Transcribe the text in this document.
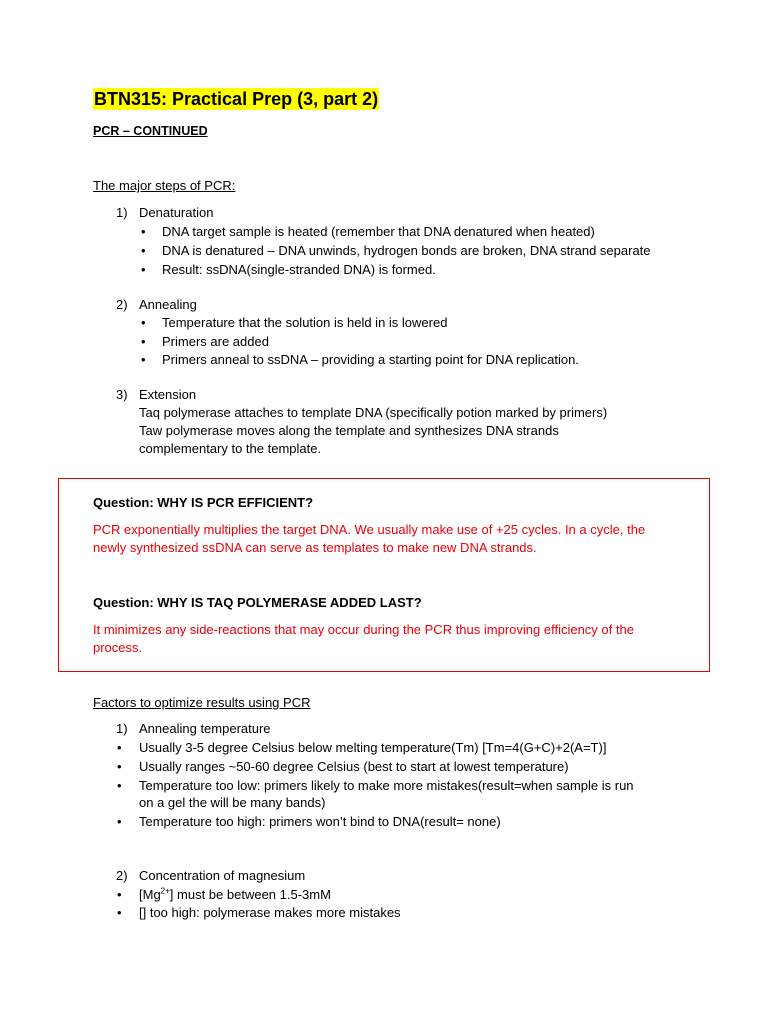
BTN315: Practical Prep (3, part 2)
PCR – CONTINUED
The major steps of PCR:
1) Denaturation
• DNA target sample is heated (remember that DNA denatured when heated)
• DNA is denatured – DNA unwinds, hydrogen bonds are broken, DNA strand separate
• Result: ssDNA(single-stranded DNA) is formed.
2) Annealing
• Temperature that the solution is held in is lowered
• Primers are added
• Primers anneal to ssDNA – providing a starting point for DNA replication.
3) Extension
Taq polymerase attaches to template DNA (specifically potion marked by primers)
Taw polymerase moves along the template and synthesizes DNA strands
complementary to the template.
Question: WHY IS PCR EFFICIENT?
PCR exponentially multiplies the target DNA. We usually make use of +25 cycles. In a cycle, the
newly synthesized ssDNA can serve as templates to make new DNA strands.
Question: WHY IS TAQ POLYMERASE ADDED LAST?
It minimizes any side-reactions that may occur during the PCR thus improving efficiency of the
process.
Factors to optimize results using PCR
1) Annealing temperature
• Usually 3-5 degree Celsius below melting temperature(Tm) [Tm=4(G+C)+2(A=T)]
• Usually ranges ~50-60 degree Celsius (best to start at lowest temperature)
• Temperature too low: primers likely to make more mistakes(result=when sample is run
on a gel the will be many bands)
• Temperature too high: primers won’t bind to DNA(result= none)
2) Concentration of magnesium
• $[Mg^{2+}]$ must be between 1.5-3mM
• [] too high: polymerase makes more mistakes
